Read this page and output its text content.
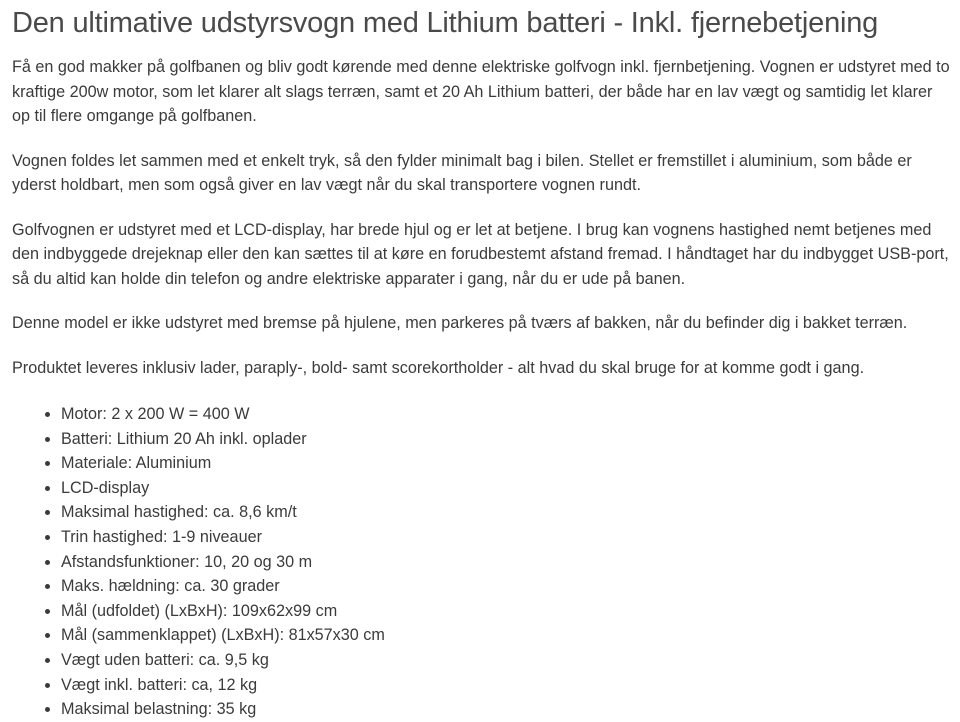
Den ultimative udstyrsvogn med Lithium batteri - Inkl. fjernebetjening

Få en god makker på golfbanen og bliv godt kørende med denne elektriske golfvogn inkl. fjernbetjening. Vognen er udstyret med to kraftige 200w motor, som let klarer alt slags terræn, samt et 20 Ah Lithium batteri, der både har en lav vægt og samtidig let klarer op til flere omgange på golfbanen.

Vognen foldes let sammen med et enkelt tryk, så den fylder minimalt bag i bilen. Stellet er fremstillet i aluminium, som både er yderst holdbart, men som også giver en lav vægt når du skal transportere vognen rundt.

Golfvognen er udstyret med et LCD-display, har brede hjul og er let at betjene. I brug kan vognens hastighed nemt betjenes med den indbyggede drejeknap eller den kan sættes til at køre en forudbestemt afstand fremad. I håndtaget har du indbygget USB-port, så du altid kan holde din telefon og andre elektriske apparater i gang, når du er ude på banen.

Denne model er ikke udstyret med bremse på hjulene, men parkeres på tværs af bakken, når du befinder dig i bakket terræn.

Produktet leveres inklusiv lader, paraply-, bold- samt scorekortholder - alt hvad du skal bruge for at komme godt i gang.

• Motor: 2 x 200 W = 400 W
• Batteri: Lithium 20 Ah inkl. oplader
• Materiale: Aluminium
• LCD-display
• Maksimal hastighed: ca. 8,6 km/t
• Trin hastighed: 1-9 niveauer
• Afstandsfunktioner: 10, 20 og 30 m
• Maks. hældning: ca. 30 grader
• Mål (udfoldet) (LxBxH): 109x62x99 cm
• Mål (sammenklappet) (LxBxH): 81x57x30 cm
• Vægt uden batteri: ca. 9,5 kg
• Vægt inkl. batteri: ca, 12 kg
• Maksimal belastning: 35 kg
